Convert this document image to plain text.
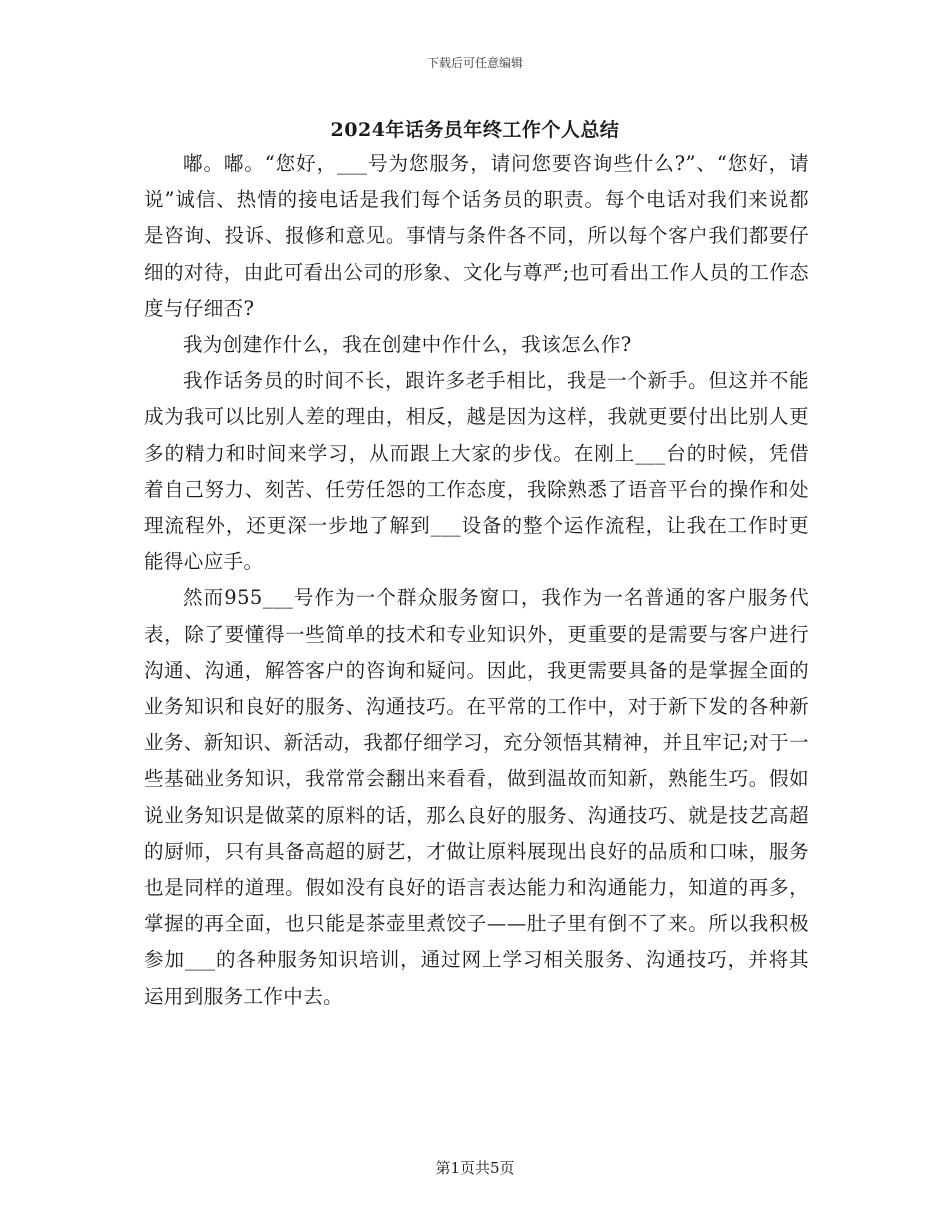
下载后可任意编辑
2024年话务员年终工作个人总结

嘟。嘟。“您好，___号为您服务，请问您要咨询些什么?”、“您好，请说”诚信、热情的接电话是我们每个话务员的职责。每个电话对我们来说都是咨询、投诉、报修和意见。事情与条件各不同，所以每个客户我们都要仔细的对待，由此可看出公司的形象、文化与尊严;也可看出工作人员的工作态度与仔细否?

我为创建作什么，我在创建中作什么，我该怎么作?

我作话务员的时间不长，跟许多老手相比，我是一个新手。但这并不能成为我可以比别人差的理由，相反，越是因为这样，我就更要付出比别人更多的精力和时间来学习，从而跟上大家的步伐。在刚上___台的时候，凭借着自己努力、刻苦、任劳任怨的工作态度，我除熟悉了语音平台的操作和处理流程外，还更深一步地了解到___设备的整个运作流程，让我在工作时更能得心应手。

然而955___号作为一个群众服务窗口，我作为一名普通的客户服务代表，除了要懂得一些简单的技术和专业知识外，更重要的是需要与客户进行沟通、沟通，解答客户的咨询和疑问。因此，我更需要具备的是掌握全面的业务知识和良好的服务、沟通技巧。在平常的工作中，对于新下发的各种新业务、新知识、新活动，我都仔细学习，充分领悟其精神，并且牢记;对于一些基础业务知识，我常常会翻出来看看，做到温故而知新，熟能生巧。假如说业务知识是做菜的原料的话，那么良好的服务、沟通技巧、就是技艺高超的厨师，只有具备高超的厨艺，才做让原料展现出良好的品质和口味，服务也是同样的道理。假如没有良好的语言表达能力和沟通能力，知道的再多，掌握的再全面，也只能是茶壶里煮饺子——肚子里有倒不了来。所以我积极参加___的各种服务知识培训，通过网上学习相关服务、沟通技巧，并将其运用到服务工作中去。

第1页共5页
